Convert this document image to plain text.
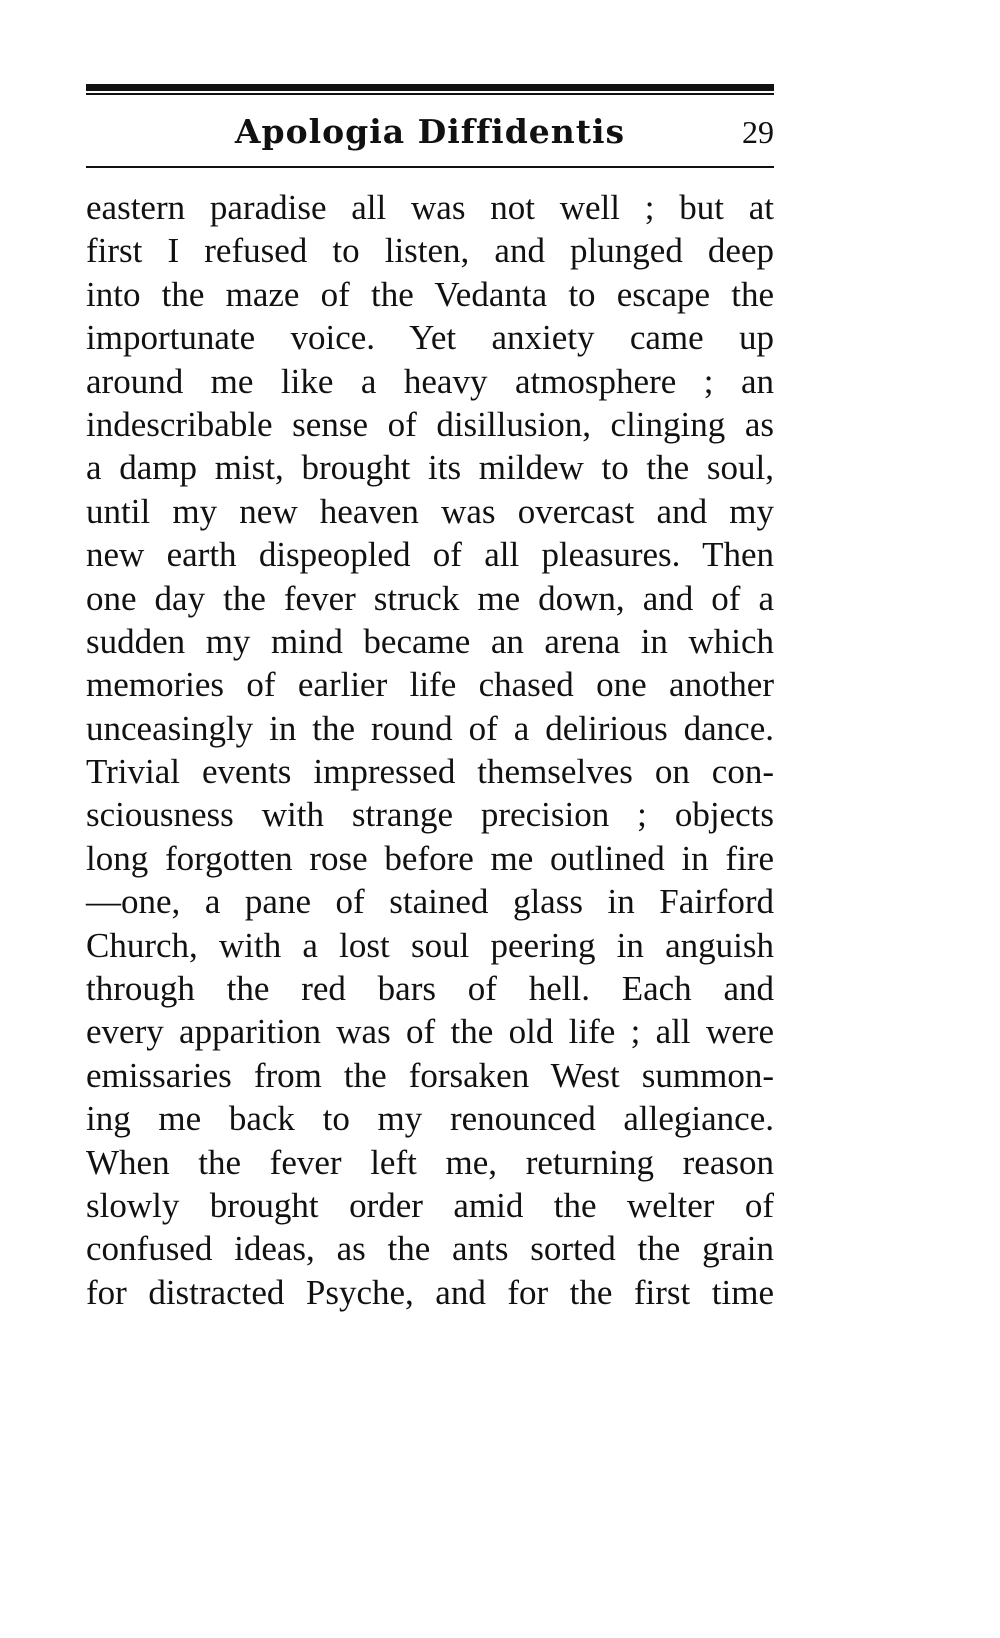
Apologia Diffidentis	29
eastern paradise all was not well ; but at
first I refused to listen, and plunged deep
into the maze of the Vedanta to escape the
importunate voice. Yet anxiety came up
around me like a heavy atmosphere ; an
indescribable sense of disillusion, clinging as
a damp mist, brought its mildew to the soul,
until my new heaven was overcast and my
new earth dispeopled of all pleasures. Then
one day the fever struck me down, and of a
sudden my mind became an arena in which
memories of earlier life chased one another
unceasingly in the round of a delirious dance.
Trivial events impressed themselves on con-
sciousness with strange precision ; objects
long forgotten rose before me outlined in fire
—one, a pane of stained glass in Fairford
Church, with a lost soul peering in anguish
through the red bars of hell. Each and
every apparition was of the old life ; all were
emissaries from the forsaken West summon-
ing me back to my renounced allegiance.
When the fever left me, returning reason
slowly brought order amid the welter of
confused ideas, as the ants sorted the grain
for distracted Psyche, and for the first time
